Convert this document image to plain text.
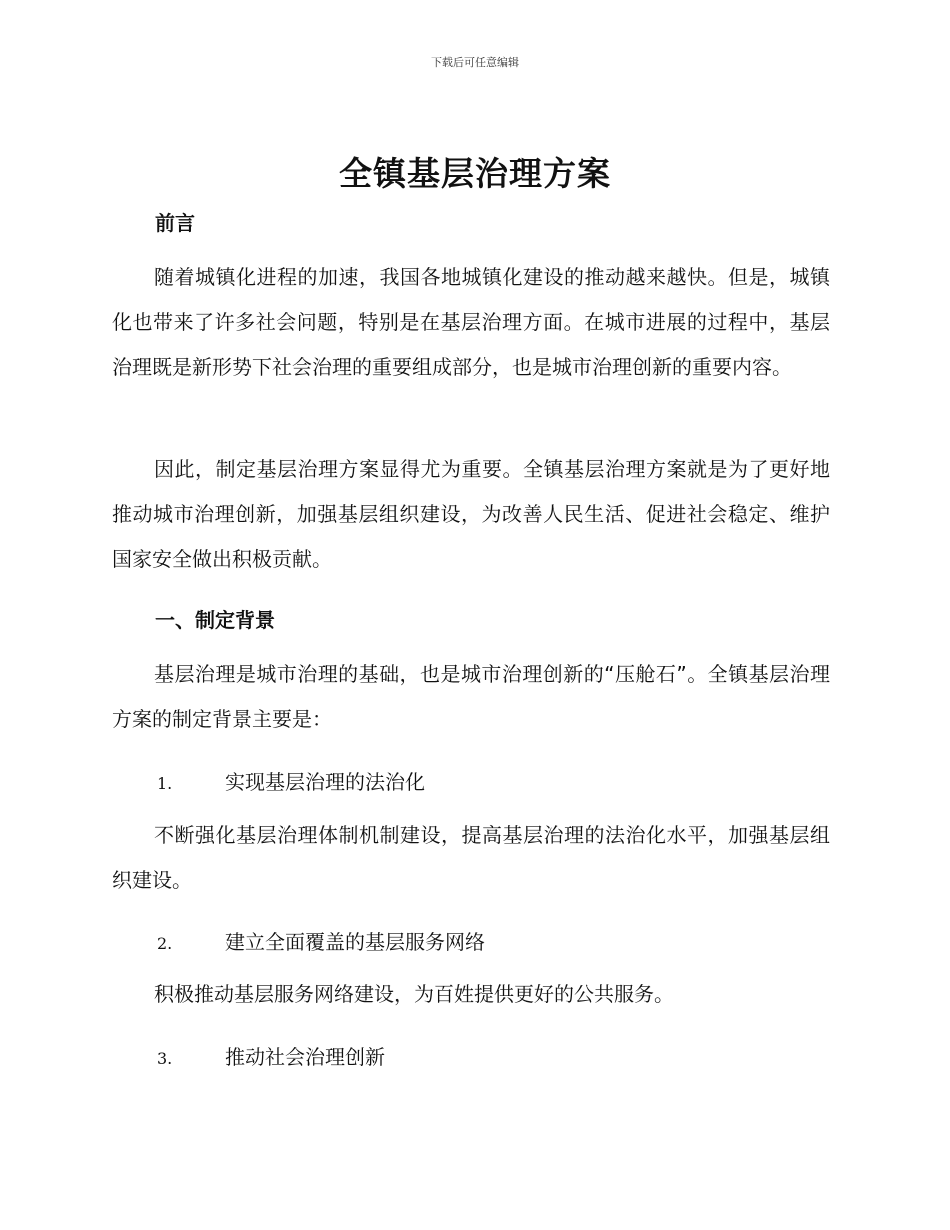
下载后可任意编辑
全镇基层治理方案
前言
随着城镇化进程的加速，我国各地城镇化建设的推动越来越快。但是，城镇化也带来了许多社会问题，特别是在基层治理方面。在城市进展的过程中，基层治理既是新形势下社会治理的重要组成部分，也是城市治理创新的重要内容。
因此，制定基层治理方案显得尤为重要。全镇基层治理方案就是为了更好地推动城市治理创新，加强基层组织建设，为改善人民生活、促进社会稳定、维护国家安全做出积极贡献。
一、制定背景
基层治理是城市治理的基础，也是城市治理创新的“压舱石”。全镇基层治理方案的制定背景主要是：
1.	实现基层治理的法治化
不断强化基层治理体制机制建设，提高基层治理的法治化水平，加强基层组织建设。
2.	建立全面覆盖的基层服务网络
积极推动基层服务网络建设，为百姓提供更好的公共服务。
3.	推动社会治理创新
